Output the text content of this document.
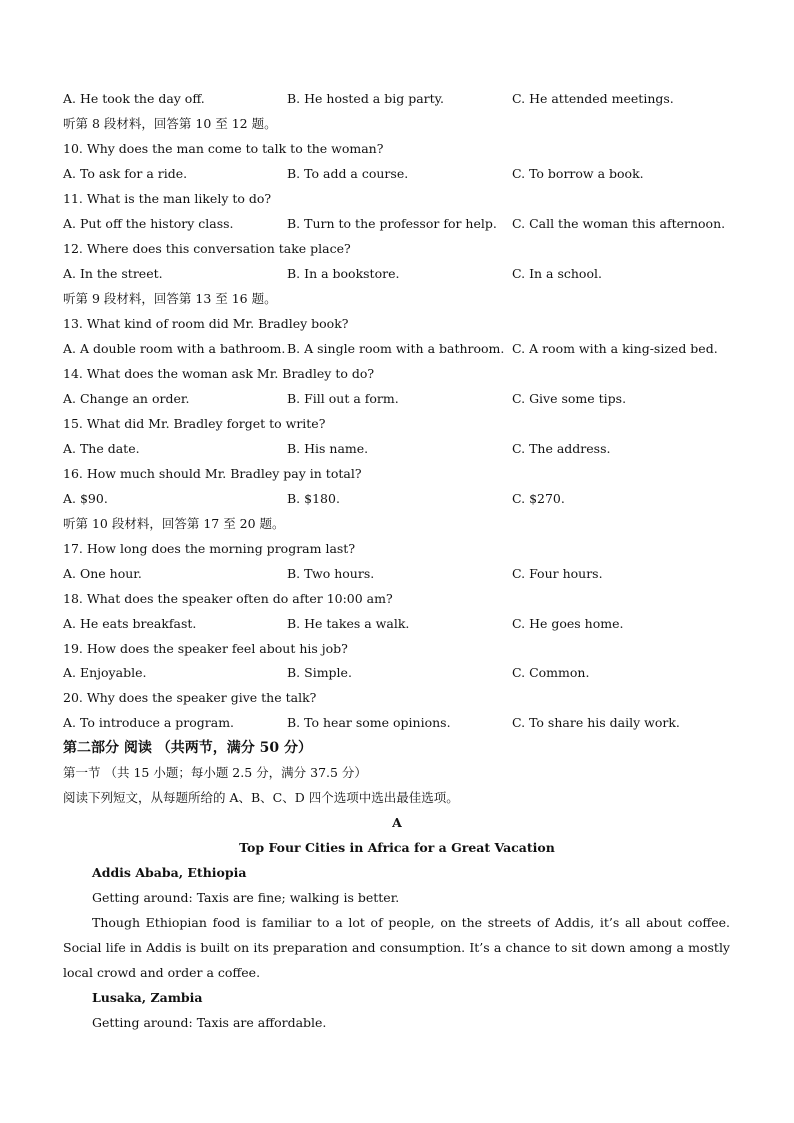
A. He took the day off.	B. He hosted a big party.	C. He attended meetings.
听第 8 段材料，回答第 10 至 12 题。
10. Why does the man come to talk to the woman?
A. To ask for a ride.	B. To add a course.	C. To borrow a book.
11. What is the man likely to do?
A. Put off the history class.	B. Turn to the professor for help. C. Call the woman this afternoon.
12. Where does this conversation take place?
A. In the street.	B. In a bookstore.	C. In a school.
听第 9 段材料，回答第 13 至 16 题。
13. What kind of room did Mr. Bradley book?
A. A double room with a bathroom. B. A single room with a bathroom. C. A room with a king-sized bed.
14. What does the woman ask Mr. Bradley to do?
A. Change an order.	B. Fill out a form.	C. Give some tips.
15. What did Mr. Bradley forget to write?
A. The date.	B. His name.	C. The address.
16. How much should Mr. Bradley pay in total?
A. $90.	B. $180.	C. $270.
听第 10 段材料，回答第 17 至 20 题。
17. How long does the morning program last?
A. One hour.	B. Two hours.	C. Four hours.
18. What does the speaker often do after 10:00 am?
A. He eats breakfast.	B. He takes a walk.	C. He goes home.
19. How does the speaker feel about his job?
A. Enjoyable.	B. Simple.	C. Common.
20. Why does the speaker give the talk?
A. To introduce a program.	B. To hear some opinions.	C. To share his daily work.
第二部分 阅读 （共两节，满分 50 分）
第一节 （共 15 小题；每小题 2.5 分，满分 37.5 分）
阅读下列短文，从每题所给的 A、B、C、D 四个选项中选出最佳选项。
A
Top Four Cities in Africa for a Great Vacation
Addis Ababa, Ethiopia
Getting around: Taxis are fine; walking is better.
Though Ethiopian food is familiar to a lot of people, on the streets of Addis, it’s all about coffee. Social life in Addis is built on its preparation and consumption. It’s a chance to sit down among a mostly local crowd and order a coffee.
Lusaka, Zambia
Getting around: Taxis are affordable.
